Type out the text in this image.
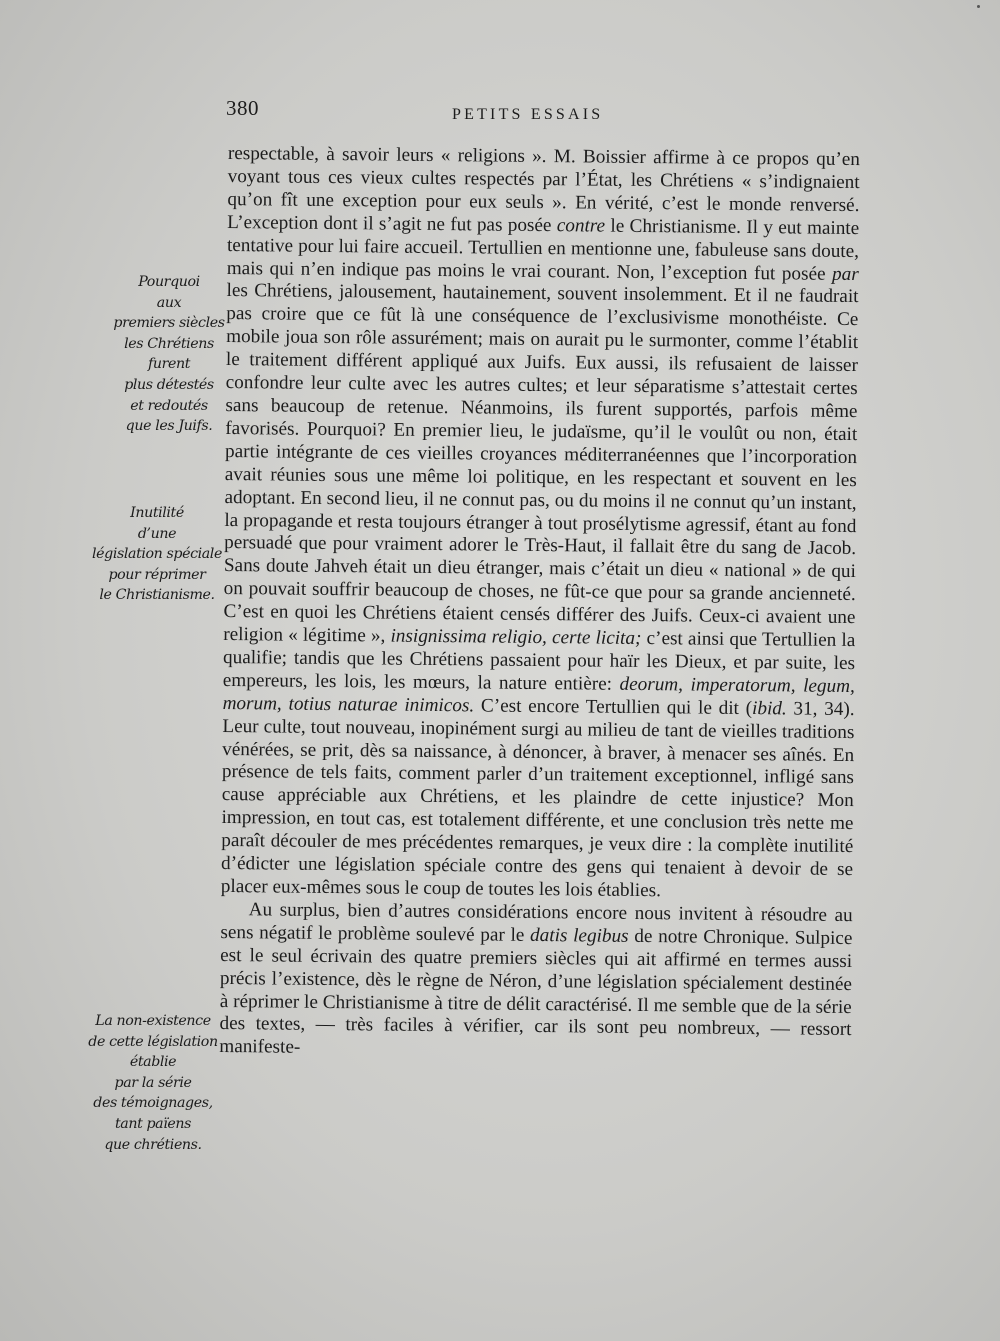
380	PETITS ESSAIS

respectable, à savoir leurs « religions ». M. Boissier affirme à ce propos qu’en voyant tous ces vieux cultes respectés par l’État, les Chrétiens « s’indignaient qu’on fît une exception pour eux seuls ». En vérité, c’est le monde renversé. L’exception dont il s’agit ne fut pas posée contre le Christianisme. Il y eut mainte tentative pour lui faire accueil. Tertullien en mentionne une, fabuleuse sans doute, mais qui n’en indique pas moins le vrai courant. Non, l’exception fut posée par les Chrétiens, jalousement, hautainement, souvent insolemment. Et il ne faudrait pas croire que ce fût là une conséquence de l’exclusivisme monothéiste. Ce mobile joua son rôle assurément; mais on aurait pu le surmonter, comme l’établit le traitement différent appliqué aux Juifs. Eux aussi, ils refusaient de laisser confondre leur culte avec les autres cultes; et leur séparatisme s’attestait certes sans beaucoup de retenue. Néanmoins, ils furent supportés, parfois même favorisés. Pourquoi? En premier lieu, le judaïsme, qu’il le voulût ou non, était partie intégrante de ces vieilles croyances méditerranéennes que l’incorporation avait réunies sous une même loi politique, en les respectant et souvent en les adoptant. En second lieu, il ne connut pas, ou du moins il ne connut qu’un instant, la propagande et resta toujours étranger à tout prosélytisme agressif, étant au fond persuadé que pour vraiment adorer le Très-Haut, il fallait être du sang de Jacob. Sans doute Jahveh était un dieu étranger, mais c’était un dieu « national » de qui on pouvait souffrir beaucoup de choses, ne fût-ce que pour sa grande ancienneté. C’est en quoi les Chrétiens étaient censés différer des Juifs. Ceux-ci avaient une religion « légitime », insignissima religio, certe licita; c’est ainsi que Tertullien la qualifie; tandis que les Chrétiens passaient pour haïr les Dieux, et par suite, les empereurs, les lois, les mœurs, la nature entière: deorum, imperatorum, legum, morum, totius naturae inimicos. C’est encore Tertullien qui le dit (ibid. 31, 34). Leur culte, tout nouveau, inopinément surgi au milieu de tant de vieilles traditions vénérées, se prit, dès sa naissance, à dénoncer, à braver, à menacer ses aînés. En présence de tels faits, comment parler d’un traitement exceptionnel, infligé sans cause appréciable aux Chrétiens, et les plaindre de cette injustice? Mon impression, en tout cas, est totalement différente, et une conclusion très nette me paraît découler de mes précédentes remarques, je veux dire : la complète inutilité d’édicter une législation spéciale contre des gens qui tenaient à devoir de se placer eux-mêmes sous le coup de toutes les lois établies.

Au surplus, bien d’autres considérations encore nous invitent à résoudre au sens négatif le problème soulevé par le datis legibus de notre Chronique. Sulpice est le seul écrivain des quatre premiers siècles qui ait affirmé en termes aussi précis l’existence, dès le règne de Néron, d’une législation spécialement destinée à réprimer le Christianisme à titre de délit caractérisé. Il me semble que de la série des textes, — très faciles à vérifier, car ils sont peu nombreux, — ressort manifeste-

Pourquoi
aux
premiers siècles
les Chrétiens
furent
plus détestés
et redoutés
que les Juifs.
Inutilité
d’une
législation spéciale
pour réprimer
le Christianisme.
La non-existence
de cette législation
établie
par la série
des témoignages,
tant païens
que chrétiens.
